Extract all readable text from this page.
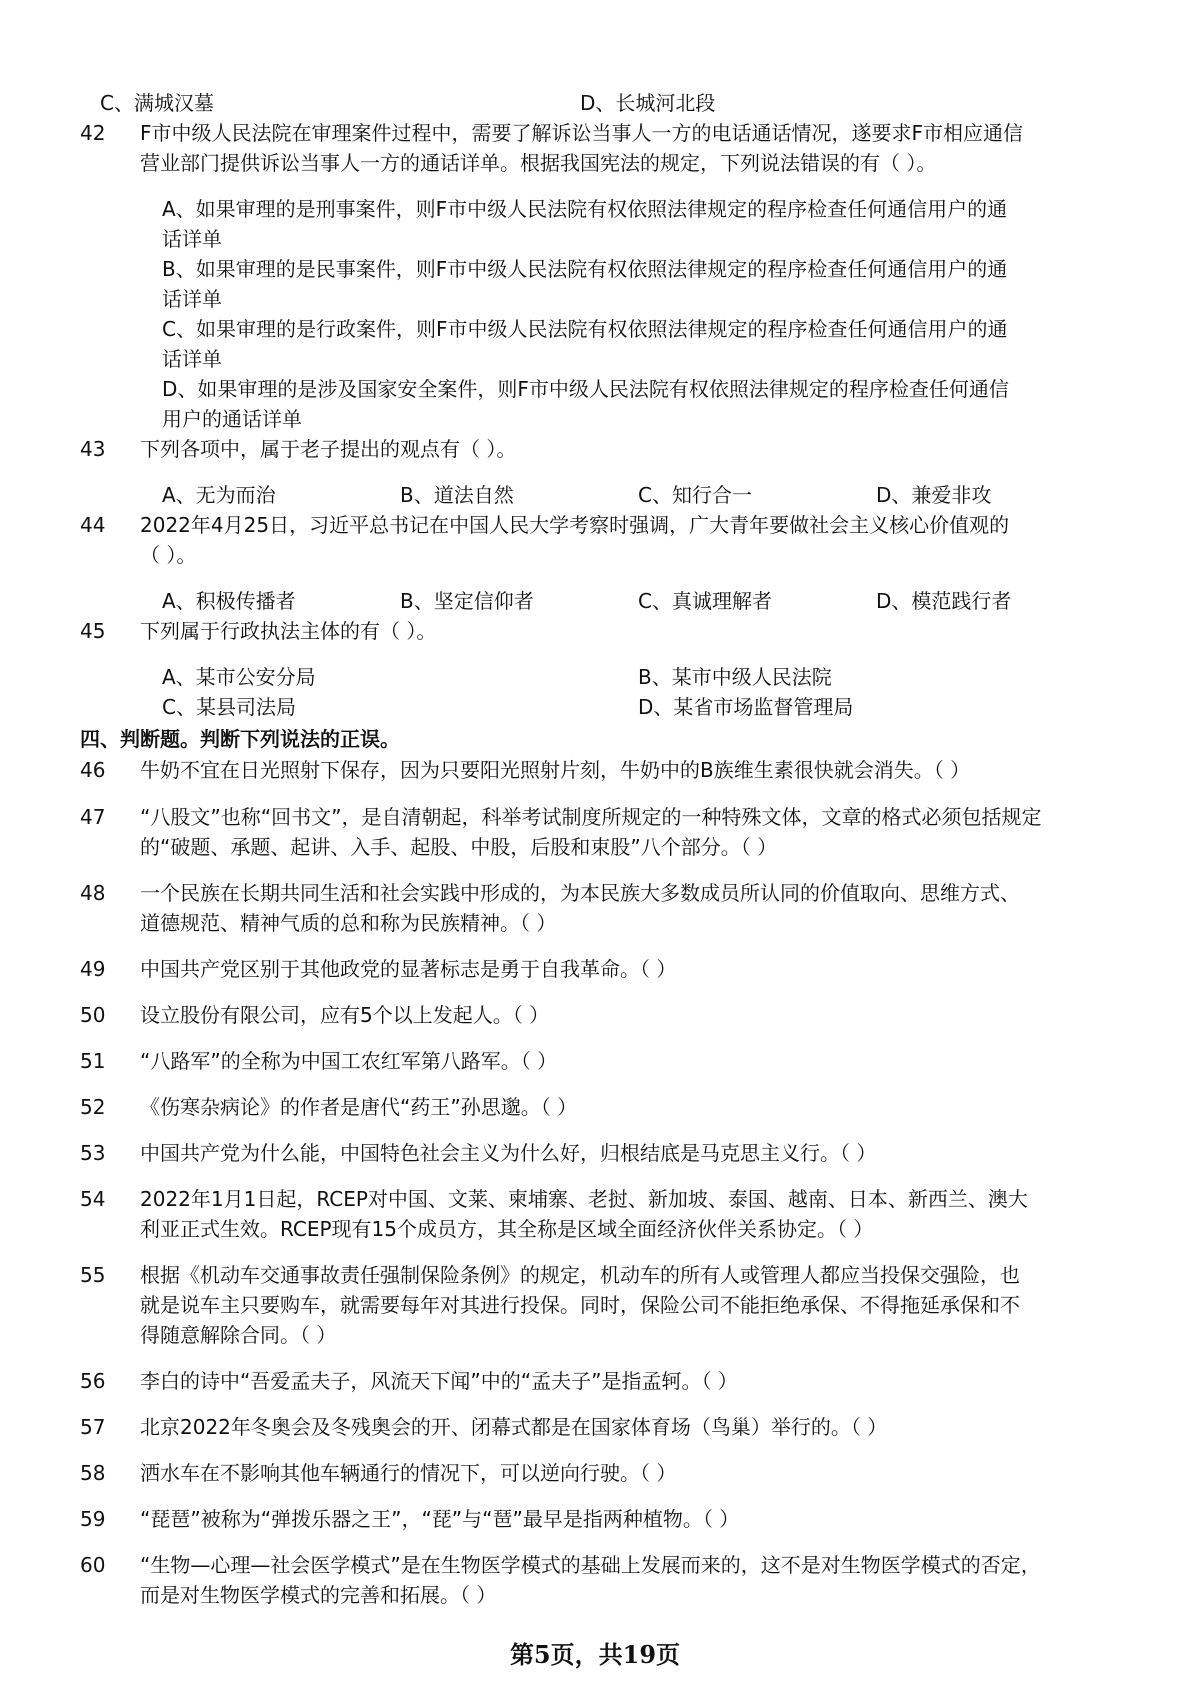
C、满城汉墓	D、长城河北段
42 F市中级人民法院在审理案件过程中，需要了解诉讼当事人一方的电话通话情况，遂要求F市相应通信
营业部门提供诉讼当事人一方的通话详单。根据我国宪法的规定，下列说法错误的有（ ）。
A、如果审理的是刑事案件，则F市中级人民法院有权依照法律规定的程序检查任何通信用户的通
话详单
B、如果审理的是民事案件，则F市中级人民法院有权依照法律规定的程序检查任何通信用户的通
话详单
C、如果审理的是行政案件，则F市中级人民法院有权依照法律规定的程序检查任何通信用户的通
话详单
D、如果审理的是涉及国家安全案件，则F市中级人民法院有权依照法律规定的程序检查任何通信
用户的通话详单
43 下列各项中，属于老子提出的观点有（ ）。
A、无为而治	B、道法自然	C、知行合一	D、兼爱非攻
44 2022年4月25日，习近平总书记在中国人民大学考察时强调，广大青年要做社会主义核心价值观的
（ ）。
A、积极传播者	B、坚定信仰者	C、真诚理解者	D、模范践行者
45 下列属于行政执法主体的有（ ）。
A、某市公安分局	B、某市中级人民法院
C、某县司法局	D、某省市场监督管理局
四、判断题。判断下列说法的正误。
46 牛奶不宜在日光照射下保存，因为只要阳光照射片刻，牛奶中的B族维生素很快就会消失。（ ）
47 “八股文”也称“回书文”，是自清朝起，科举考试制度所规定的一种特殊文体，文章的格式必须包括规定
的“破题、承题、起讲、入手、起股、中股，后股和束股”八个部分。（ ）
48 一个民族在长期共同生活和社会实践中形成的，为本民族大多数成员所认同的价值取向、思维方式、
道德规范、精神气质的总和称为民族精神。（ ）
49 中国共产党区别于其他政党的显著标志是勇于自我革命。（ ）
50 设立股份有限公司，应有5个以上发起人。（ ）
51 “八路军”的全称为中国工农红军第八路军。（ ）
52 《伤寒杂病论》的作者是唐代“药王”孙思邈。（ ）
53 中国共产党为什么能，中国特色社会主义为什么好，归根结底是马克思主义行。（ ）
54 2022年1月1日起，RCEP对中国、文莱、柬埔寨、老挝、新加坡、泰国、越南、日本、新西兰、澳大
利亚正式生效。RCEP现有15个成员方，其全称是区域全面经济伙伴关系协定。（ ）
55 根据《机动车交通事故责任强制保险条例》的规定，机动车的所有人或管理人都应当投保交强险，也
就是说车主只要购车，就需要每年对其进行投保。同时，保险公司不能拒绝承保、不得拖延承保和不
得随意解除合同。（ ）
56 李白的诗中“吾爱孟夫子，风流天下闻”中的“孟夫子”是指孟轲。（ ）
57 北京2022年冬奥会及冬残奥会的开、闭幕式都是在国家体育场（鸟巢）举行的。（ ）
58 洒水车在不影响其他车辆通行的情况下，可以逆向行驶。（ ）
59 “琵琶”被称为“弹拨乐器之王”，“琵”与“琶”最早是指两种植物。（ ）
60 “生物—心理—社会医学模式”是在生物医学模式的基础上发展而来的，这不是对生物医学模式的否定，
而是对生物医学模式的完善和拓展。（ ）
第5页，共19页
